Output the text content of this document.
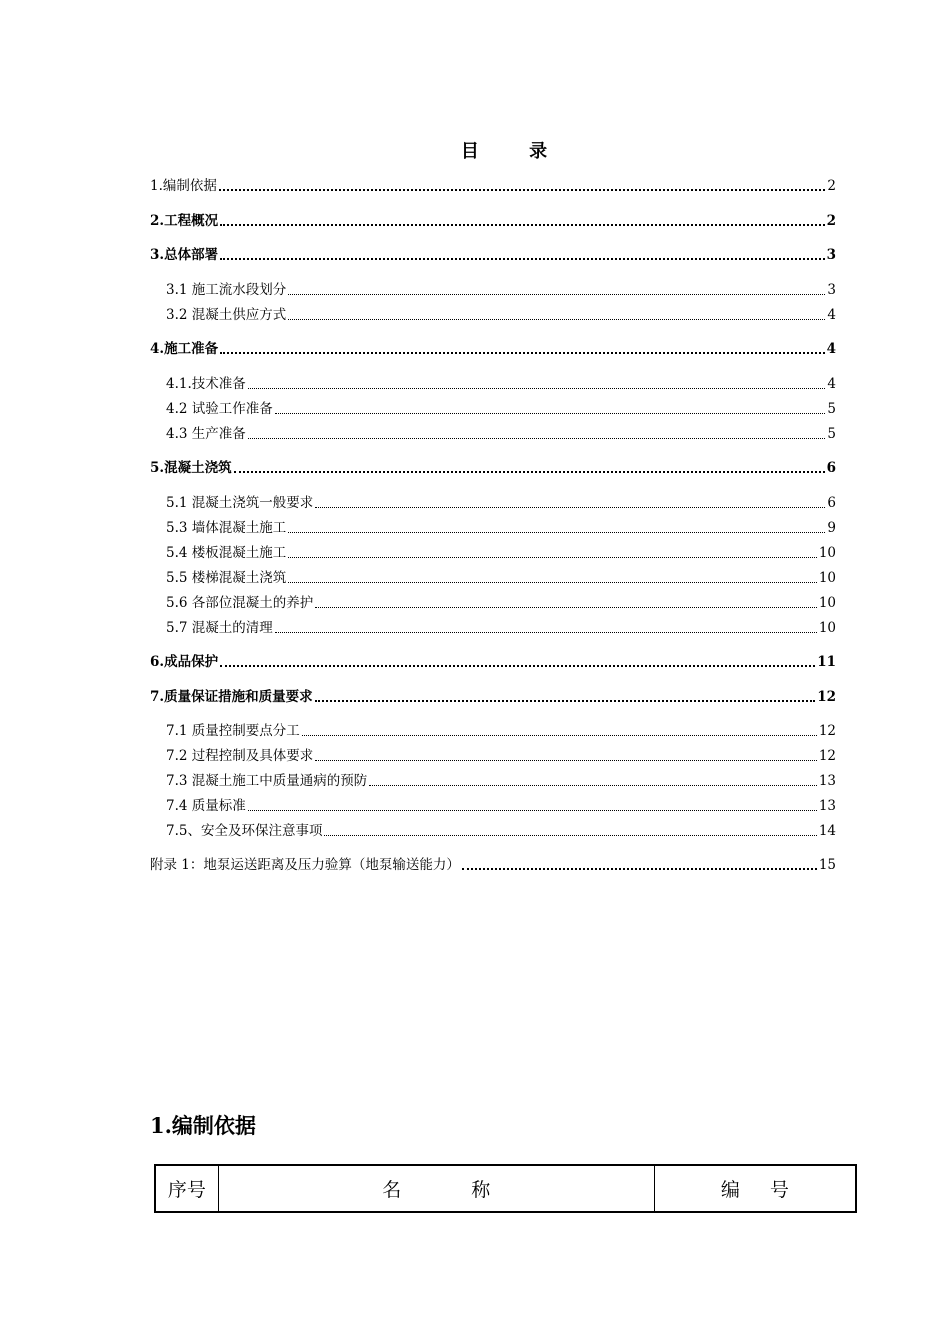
目 录
1.编制依据	2
2.工程概况	2
3.总体部署	3
3.1 施工流水段划分	3
3.2 混凝土供应方式	4
4.施工准备	4
4.1.技术准备	4
4.2 试验工作准备	5
4.3 生产准备	5
5.混凝土浇筑	6
5.1 混凝土浇筑一般要求	6
5.3 墙体混凝土施工	9
5.4 楼板混凝土施工	10
5.5 楼梯混凝土浇筑	10
5.6 各部位混凝土的养护	10
5.7 混凝土的清理	10
6.成品保护	11
7.质量保证措施和质量要求	12
7.1 质量控制要点分工	12
7.2 过程控制及具体要求	12
7.3 混凝土施工中质量通病的预防	13
7.4 质量标准	13
7.5、安全及环保注意事项	14
附录 1：地泵运送距离及压力验算（地泵输送能力）	15
1.编制依据
序号	名称	编号
